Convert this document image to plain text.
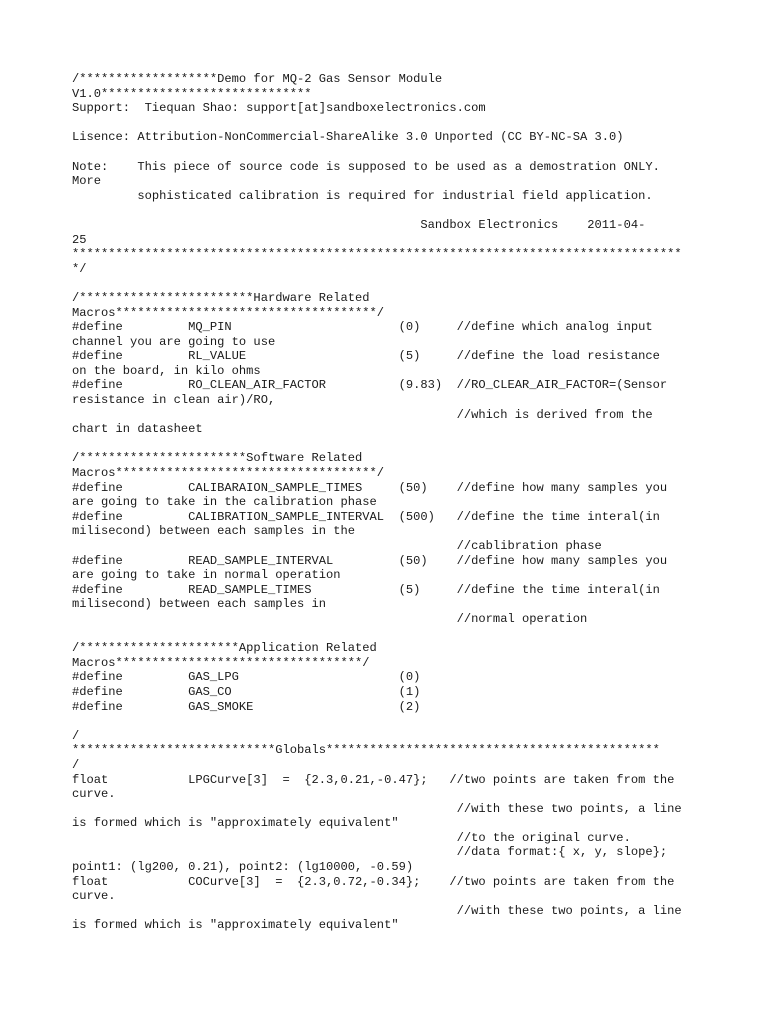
/*******************Demo for MQ-2 Gas Sensor Module
V1.0*****************************
Support:  Tiequan Shao: support[at]sandboxelectronics.com
Lisence: Attribution-NonCommercial-ShareAlike 3.0 Unported (CC BY-NC-SA 3.0)
Note:    This piece of source code is supposed to be used as a demostration ONLY.
More
sophisticated calibration is required for industrial field application.
Sandbox Electronics    2011-04-
25
************************************************************************************
*/
/************************Hardware Related
Macros************************************/
#define         MQ_PIN                       (0)     //define which analog input
channel you are going to use
#define         RL_VALUE                     (5)     //define the load resistance
on the board, in kilo ohms
#define         RO_CLEAN_AIR_FACTOR          (9.83)  //RO_CLEAR_AIR_FACTOR=(Sensor
resistance in clean air)/RO,
//which is derived from the
chart in datasheet
/***********************Software Related
Macros************************************/
#define         CALIBARAION_SAMPLE_TIMES     (50)    //define how many samples you
are going to take in the calibration phase
#define         CALIBRATION_SAMPLE_INTERVAL  (500)   //define the time interal(in
milisecond) between each samples in the
//cablibration phase
#define         READ_SAMPLE_INTERVAL         (50)    //define how many samples you
are going to take in normal operation
#define         READ_SAMPLE_TIMES            (5)     //define the time interal(in
milisecond) between each samples in
//normal operation
/**********************Application Related
Macros**********************************/
#define         GAS_LPG                      (0)
#define         GAS_CO                       (1)
#define         GAS_SMOKE                    (2)
/
****************************Globals**********************************************
/
float           LPGCurve[3]  =  {2.3,0.21,-0.47};   //two points are taken from the
curve.
//with these two points, a line
is formed which is "approximately equivalent"
//to the original curve.
//data format:{ x, y, slope};
point1: (lg200, 0.21), point2: (lg10000, -0.59)
float           COCurve[3]  =  {2.3,0.72,-0.34};    //two points are taken from the
curve.
//with these two points, a line
is formed which is "approximately equivalent"
